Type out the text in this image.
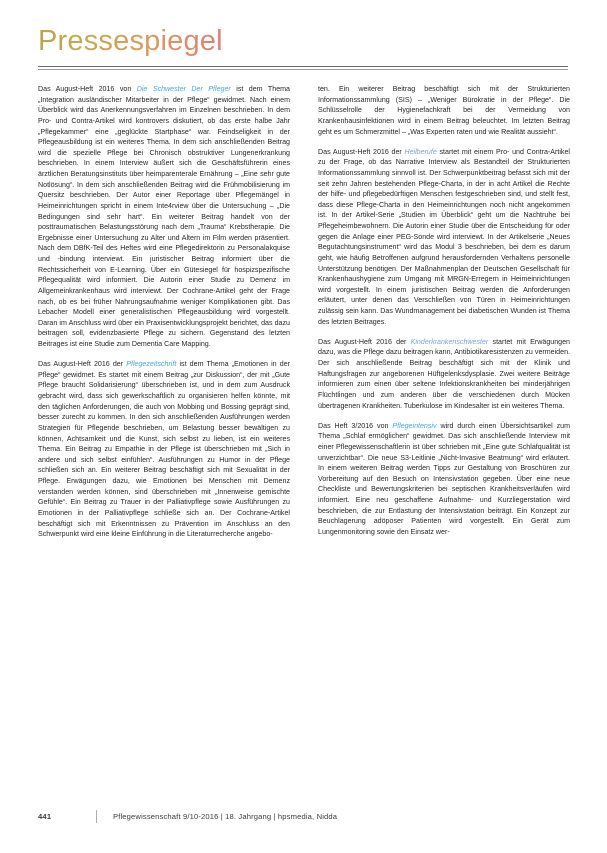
Pressespiegel

Das August-Heft 2016 von Die Schwester Der Pfleger ist dem Thema „Integration ausländischer Mitarbeiter in der Pflege“ gewidmet. Nach einem Überblick wird das Anerkennungsverfahren im Einzelnen beschrieben. In dem Pro- und Contra-Artikel wird kontrovers diskutiert, ob das erste halbe Jahr „Pflegekammer“ eine „geglückte Startphase“ war. Feindseligkeit in der Pflegeausbildung ist ein weiteres Thema. In dem sich anschließenden Beitrag wird die spezielle Pflege bei Chronisch obstruktiver Lungenerkrankung beschrieben. In einem Interview äußert sich die Geschäftsführerin eines ärztlichen Beratungsinstituts über heimparenterale Ernährung – „Eine sehr gute Notlösung“. In dem sich anschließenden Beitrag wird die Frühmobilisierung im Quersitz beschrieben. Der Autor einer Reportage über Pflegemängel in Heimeinrichtungen spricht in einem Inte4rview über die Untersuchung – „Die Bedingungen sind sehr hart“. Ein weiterer Beitrag handelt von der posttraumatischen Belastungsstörung nach dem „Trauma“ Krebstherapie. Die Ergebnisse einer Untersuchung zu Alter und Altern im Film werden präsentiert. Nach dem DBfK-Teil des Heftes wird eine Pflegedirektorin zu Personalakquise und -bindung interviewt. Ein juristischer Beitrag informiert über die Rechtssicherheit von E-Learning. Über ein Gütesiegel für hospizspezifische Pflegequalität wird informiert. Die Autorin einer Studie zu Demenz im Allgemeinkrankenhaus wird interviewt. Der Cochrane-Artikel geht der Frage nach, ob es bei früher Nahrungsaufnahme weniger Komplikationen gibt. Das Lebacher Modell einer generalistischen Pflegeausbildung wird vorgestellt. Daran im Anschluss wird über ein Praxisentwicklungsprojekt berichtet, das dazu beitragen soll, evidenzbasierte Pflege zu sichern. Gegenstand des letzten Beitrages ist eine Studie zum Dementia Care Mapping.

Das August-Heft 2016 der Pflegezeitschrift ist dem Thema „Emotionen in der Pflege“ gewidmet. Es startet mit einem Beitrag „zur Diskussion“, der mit „Gute Pflege braucht Solidarisierung“ überschrieben ist, und in dem zum Ausdruck gebracht wird, dass sich gewerkschaftlich zu organisieren helfen könnte, mit den täglichen Anforderungen, die auch von Mobbing und Bossing geprägt sind, besser zurecht zu kommen. In den sich anschließenden Ausführungen werden Strategien für Pflegende beschrieben, um Belastung besser bewältigen zu können, Achtsamkeit und die Kunst, sich selbst zu lieben, ist ein weiteres Thema. Ein Beitrag zu Empathie in der Pflege ist überschrieben mit „Sich in andere und sich selbst einfühlen“. Ausführungen zu Humor in der Pflege schließen sich an. Ein weiterer Beitrag beschäftigt sich mit Sexualität in der Pflege. Erwägungen dazu, wie Emotionen bei Menschen mit Demenz verstanden werden können, sind überschrieben mit „Innenweise gemischte Gefühle“. Ein Beitrag zu Trauer in der Palliativpflege sowie Ausführungen zu Emotionen in der Palliativpflege schließe sich an. Der Cochrane-Artikel beschäftigt sich mit Erkenntnissen zu Prävention im Anschluss an den Schwerpunkt wird eine kleine Einführung in die Literaturrecherche angebo-

ten. Ein weiterer Beitrag beschäftigt sich mit der Strukturierten Informationssammlung (SIS) – „Weniger Bürokratie in der Pflege“. Die Schlüsselrolle der Hygienefachkraft bei der Vermeidung von Krankenhausinfektionen wird in einem Beitrag beleuchtet. Im letzten Beitrag geht es um Schmerzmittel – „Was Experten raten und wie Realität aussieht“.

Das August-Heft 2016 der Heilberufe startet mit einem Pro- und Contra-Artikel zu der Frage, ob das Narrative Interview als Bestandteil der Strukturierten Informationssammlung sinnvoll ist. Der Schwerpunktbeitrag befasst sich mit der seit zehn Jahren bestehenden Pflege-Charta, in der in acht Artikel die Rechte der hilfe- und pflegebedürftigen Menschen festgeschrieben sind, und stellt fest, dass diese Pflege-Charta in den Heimeinrichtungen noch nicht angekommen ist. In der Artikel-Serie „Studien im Überblick“ geht um die Nachtruhe bei Pflegeheimbewohnern. Die Autorin einer Studie über die Entscheidung für oder gegen die Anlage einer PEG-Sonde wird interviewt. In der Artikelserie „Neues Begutachtungsinstrument“ wird das Modul 3 beschrieben, bei dem es darum geht, wie häufig Betroffenen aufgrund herausfordernden Verhaltens personelle Unterstützung benötigen. Der Maßnahmenplan der Deutschen Gesellschaft für Krankenhaushygiene zum Umgang mit MRGN-Erregern in Heimeinrichtungen wird vorgestellt. In einem juristischen Beitrag werden die Anforderungen erläutert, unter denen das Verschließen von Türen in Heimeinrichtungen zulässig sein kann. Das Wundmanagement bei diabetischen Wunden ist Thema des letzten Beitrages.

Das August-Heft 2016 der Kinderkrankenschwester startet mit Erwägungen dazu, was die Pflege dazu beitragen kann, Antibiotikaresistenzen zu vermeiden. Der sich anschließende Beitrag beschäftigt sich mit der Klinik und Haftungsfragen zur angeborenen Hüftgelenksdysplasie. Zwei weitere Beiträge informieren zum einen über seltene Infektionskrankheiten bei minderjährigen Flüchtlingen und zum anderen über die verschiedenen durch Mücken übertragenen Krankheiten. Tuberkulose im Kindesalter ist ein weiteres Thema.

Das Heft 3/2016 von Pflegeintensiv wird durch einen Übersichtsartikel zum Thema „Schlaf ermöglichen“ gewidmet. Das sich anschließende Interview mit einer Pflegewissenschaftlerin ist über schrieben mit „Eine gute Schlafqualität ist unverzichtbar“. Die neue S3-Leitlinie „Nicht-Invasive Beatmung“ wird erläutert. In einem weiteren Beitrag werden Tipps zur Gestaltung von Broschüren zur Vorbereitung auf den Besuch on Intensivstation gegeben. Über eine neue Checkliste und Bewertungskriterien bei septischen Krankheitsverläufen wird informiert. Eine neu geschaffene Aufnahme- und Kurzliegerstation wird beschrieben, die zur Entlastung der Intensivstation beiträgt. Ein Konzept zur Beuchlagerung adöposer Patienten wird vorgestellt. Ein Gerät zum Lungenmonitoring sowie den Einsatz wer-

441	Pflegewissenschaft 9/10-2016 | 18. Jahrgang | hpsmedia, Nidda
